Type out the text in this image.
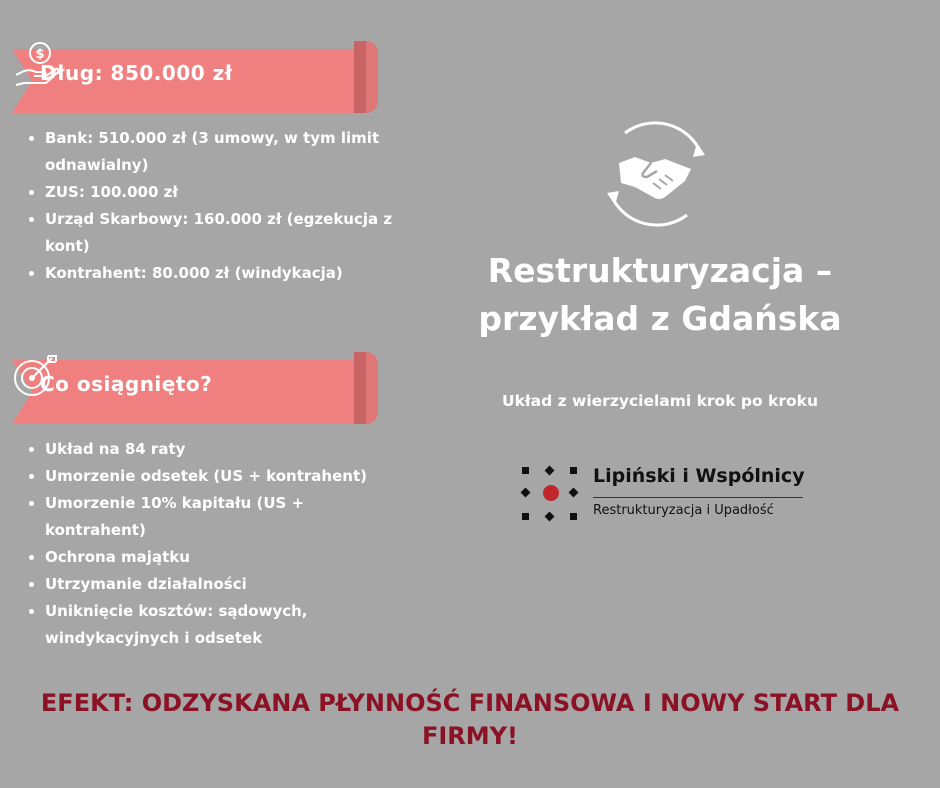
Dług: 850.000 zł
$
• Bank: 510.000 zł (3 umowy, w tym limit odnawialny)
• ZUS: 100.000 zł
• Urząd Skarbowy: 160.000 zł (egzekucja z kont)
• Kontrahent: 80.000 zł (windykacja)
Co osiągnięto?
• Układ na 84 raty
• Umorzenie odsetek (US + kontrahent)
• Umorzenie 10% kapitału (US + kontrahent)
• Ochrona majątku
• Utrzymanie działalności
• Uniknięcie kosztów: sądowych, windykacyjnych i odsetek
Restrukturyzacja – przykład z Gdańska
Układ z wierzycielami krok po kroku
Lipiński i Wspólnicy
Restrukturyzacja i Upadłość
EFEKT: ODZYSKANA PŁYNNOŚĆ FINANSOWA I NOWY START DLA FIRMY!
